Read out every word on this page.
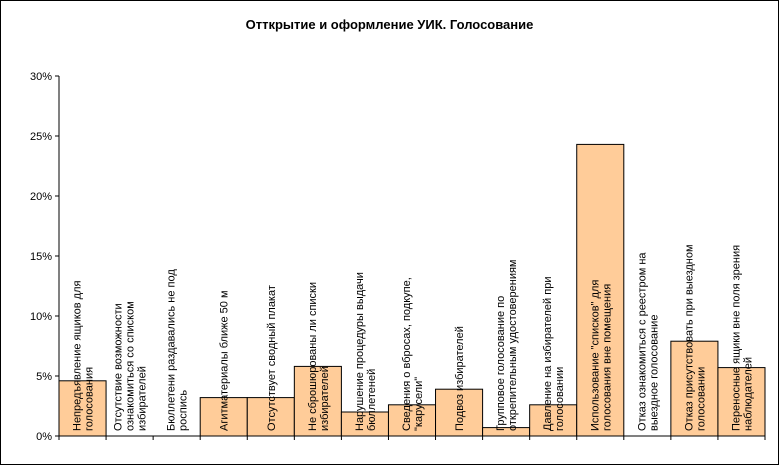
Отткрытие и оформление УИК. Голосование
0%
5%
10%
15%
20%
25%
30%
Непредъявление ящиков дляголосования Отсутствие возможностиознакомиться со спискомизбирателей Бюллетени раздавались не подроспись	Агитматериалы ближе 50 м	Отсутствует сводный плакат	Не сброшюрованы ли спискиизбирателей Нарушение процедуры выдачибюллетеней Сведения о вбросах, подкупе,"карусели"	Подвоз избирателей	Групповое голосование пооткрепительным удостоверениям Давление на избирателей приголосовании Использование "списков" дляголосования вне помещения Отказ ознакомиться с реестром навыездное голосование Отказ присутствовать при выездномголосовании Переносные ящики вне поля зрениянаблюдателей
